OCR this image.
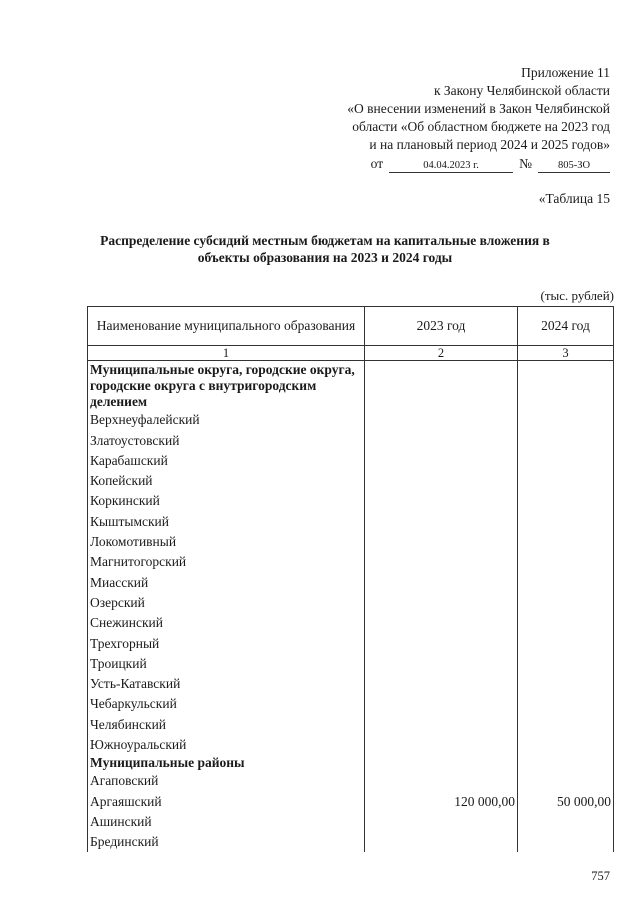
Приложение 11
к Закону Челябинской области
«О внесении изменений в Закон Челябинской
области «Об областном бюджете на 2023 год
и на плановый период 2024 и 2025 годов»
от	04.04.2023 г.	№	805-ЗО
«Таблица 15
Распределение субсидий местным бюджетам на капитальные вложения в объекты образования на 2023 и 2024 годы
(тыс. рублей)
Наименование муниципального образования	2023 год	2024 год
1	2	3
Муниципальные округа, городские округа, городские округа с внутригородским делением		
Верхнеуфалейский		
Златоустовский		
Карабашский		
Копейский		
Коркинский		
Кыштымский		
Локомотивный		
Магнитогорский		
Миасский		
Озерский		
Снежинский		
Трехгорный		
Троицкий		
Усть-Катавский		
Чебаркульский		
Челябинский		
Южноуральский		
Муниципальные районы		
Агаповский		
Аргаяшский	120 000,00	50 000,00
Ашинский		
Брединский		
757
